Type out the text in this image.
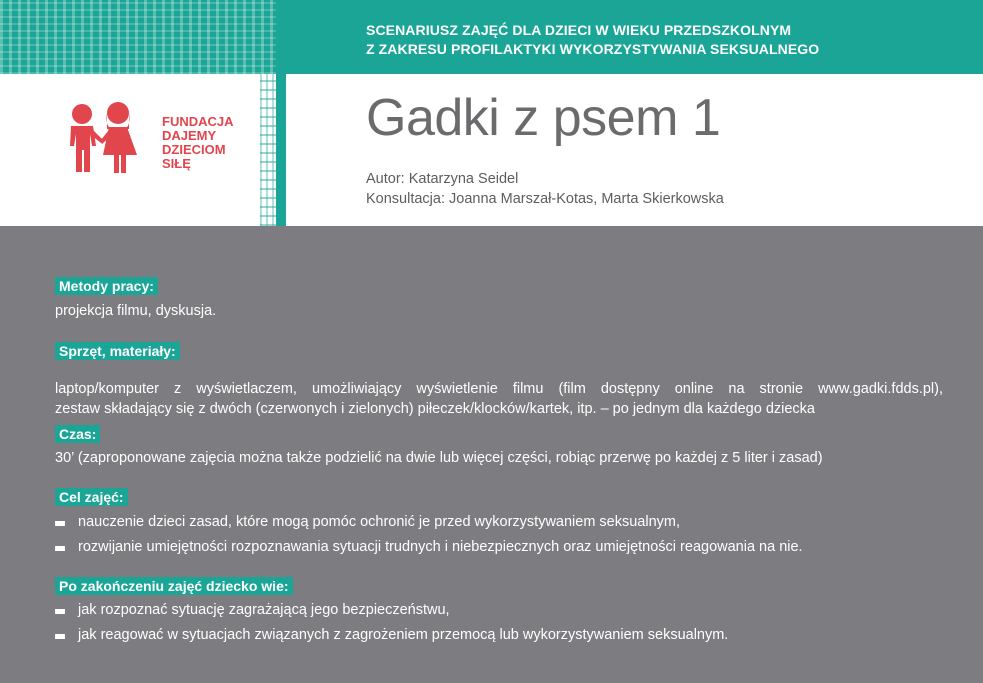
SCENARIUSZ ZAJĘĆ DLA DZIECI W WIEKU PRZEDSZKOLNYM
Z ZAKRESU PROFILAKTYKI WYKORZYSTYWANIA SEKSUALNEGO
FUNDACJA
DAJEMY
DZIECIOM
SIŁĘ
Gadki z psem 1
Autor: Katarzyna Seidel
Konsultacja: Joanna Marszał-Kotas, Marta Skierkowska
Metody pracy:
projekcja filmu, dyskusja.
Sprzęt, materiały:
laptop/komputer z wyświetlaczem, umożliwiający wyświetlenie filmu (film dostępny online na stronie www.gadki.fdds.pl),
zestaw składający się z dwóch (czerwonych i zielonych) piłeczek/klocków/kartek, itp. – po jednym dla każdego dziecka
Czas:
30’ (zaproponowane zajęcia można także podzielić na dwie lub więcej części, robiąc przerwę po każdej z 5 liter i zasad)
Cel zajęć:
nauczenie dzieci zasad, które mogą pomóc ochronić je przed wykorzystywaniem seksualnym,
rozwijanie umiejętności rozpoznawania sytuacji trudnych i niebezpiecznych oraz umiejętności reagowania na nie.
Po zakończeniu zajęć dziecko wie:
jak rozpoznać sytuację zagrażającą jego bezpieczeństwu,
jak reagować w sytuacjach związanych z zagrożeniem przemocą lub wykorzystywaniem seksualnym.
